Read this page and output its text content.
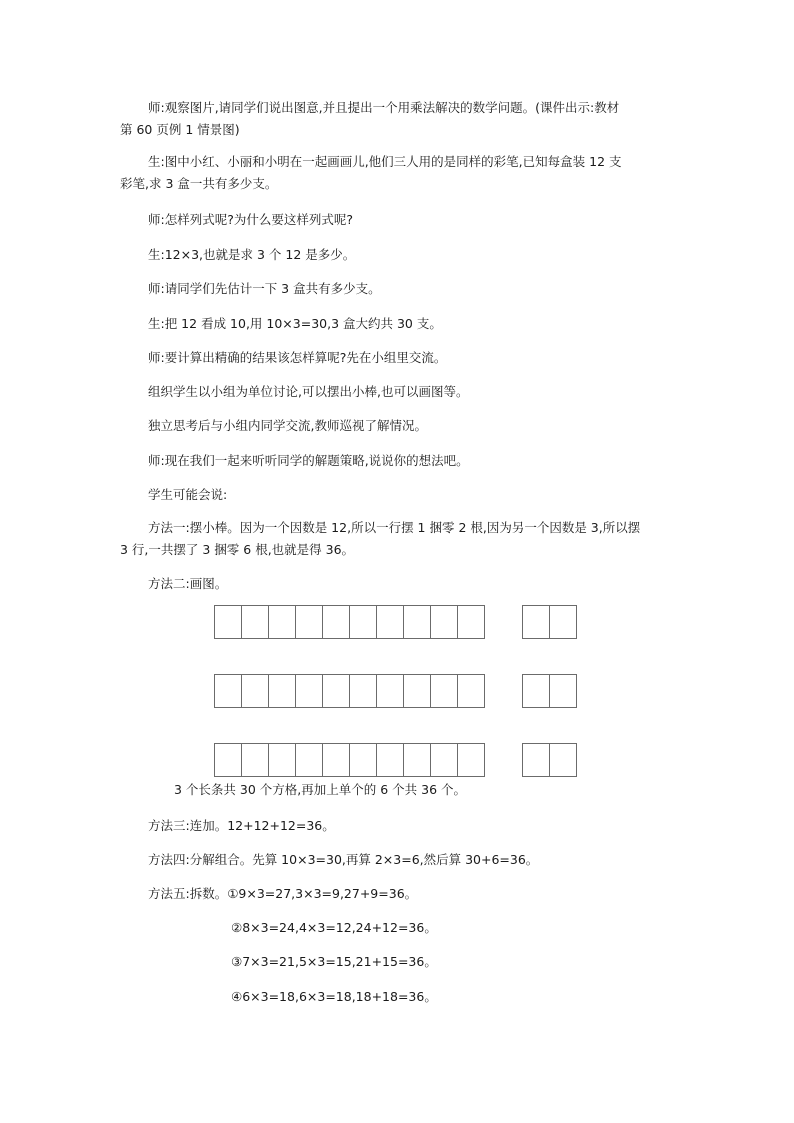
师:观察图片,请同学们说出图意,并且提出一个用乘法解决的数学问题。(课件出示:教材
第 60 页例 1 情景图)
生:图中小红、小丽和小明在一起画画儿,他们三人用的是同样的彩笔,已知每盒装 12 支
彩笔,求 3 盒一共有多少支。
师:怎样列式呢?为什么要这样列式呢?
生:12×3,也就是求 3 个 12 是多少。
师:请同学们先估计一下 3 盒共有多少支。
生:把 12 看成 10,用 10×3=30,3 盒大约共 30 支。
师:要计算出精确的结果该怎样算呢?先在小组里交流。
组织学生以小组为单位讨论,可以摆出小棒,也可以画图等。
独立思考后与小组内同学交流,教师巡视了解情况。
师:现在我们一起来听听同学的解题策略,说说你的想法吧。
学生可能会说:
方法一:摆小棒。因为一个因数是 12,所以一行摆 1 捆零 2 根,因为另一个因数是 3,所以摆
3 行,一共摆了 3 捆零 6 根,也就是得 36。
方法二:画图。
3 个长条共 30 个方格,再加上单个的 6 个共 36 个。
方法三:连加。12+12+12=36。
方法四:分解组合。先算 10×3=30,再算 2×3=6,然后算 30+6=36。
方法五:拆数。①9×3=27,3×3=9,27+9=36。
②8×3=24,4×3=12,24+12=36。
③7×3=21,5×3=15,21+15=36。
④6×3=18,6×3=18,18+18=36。
